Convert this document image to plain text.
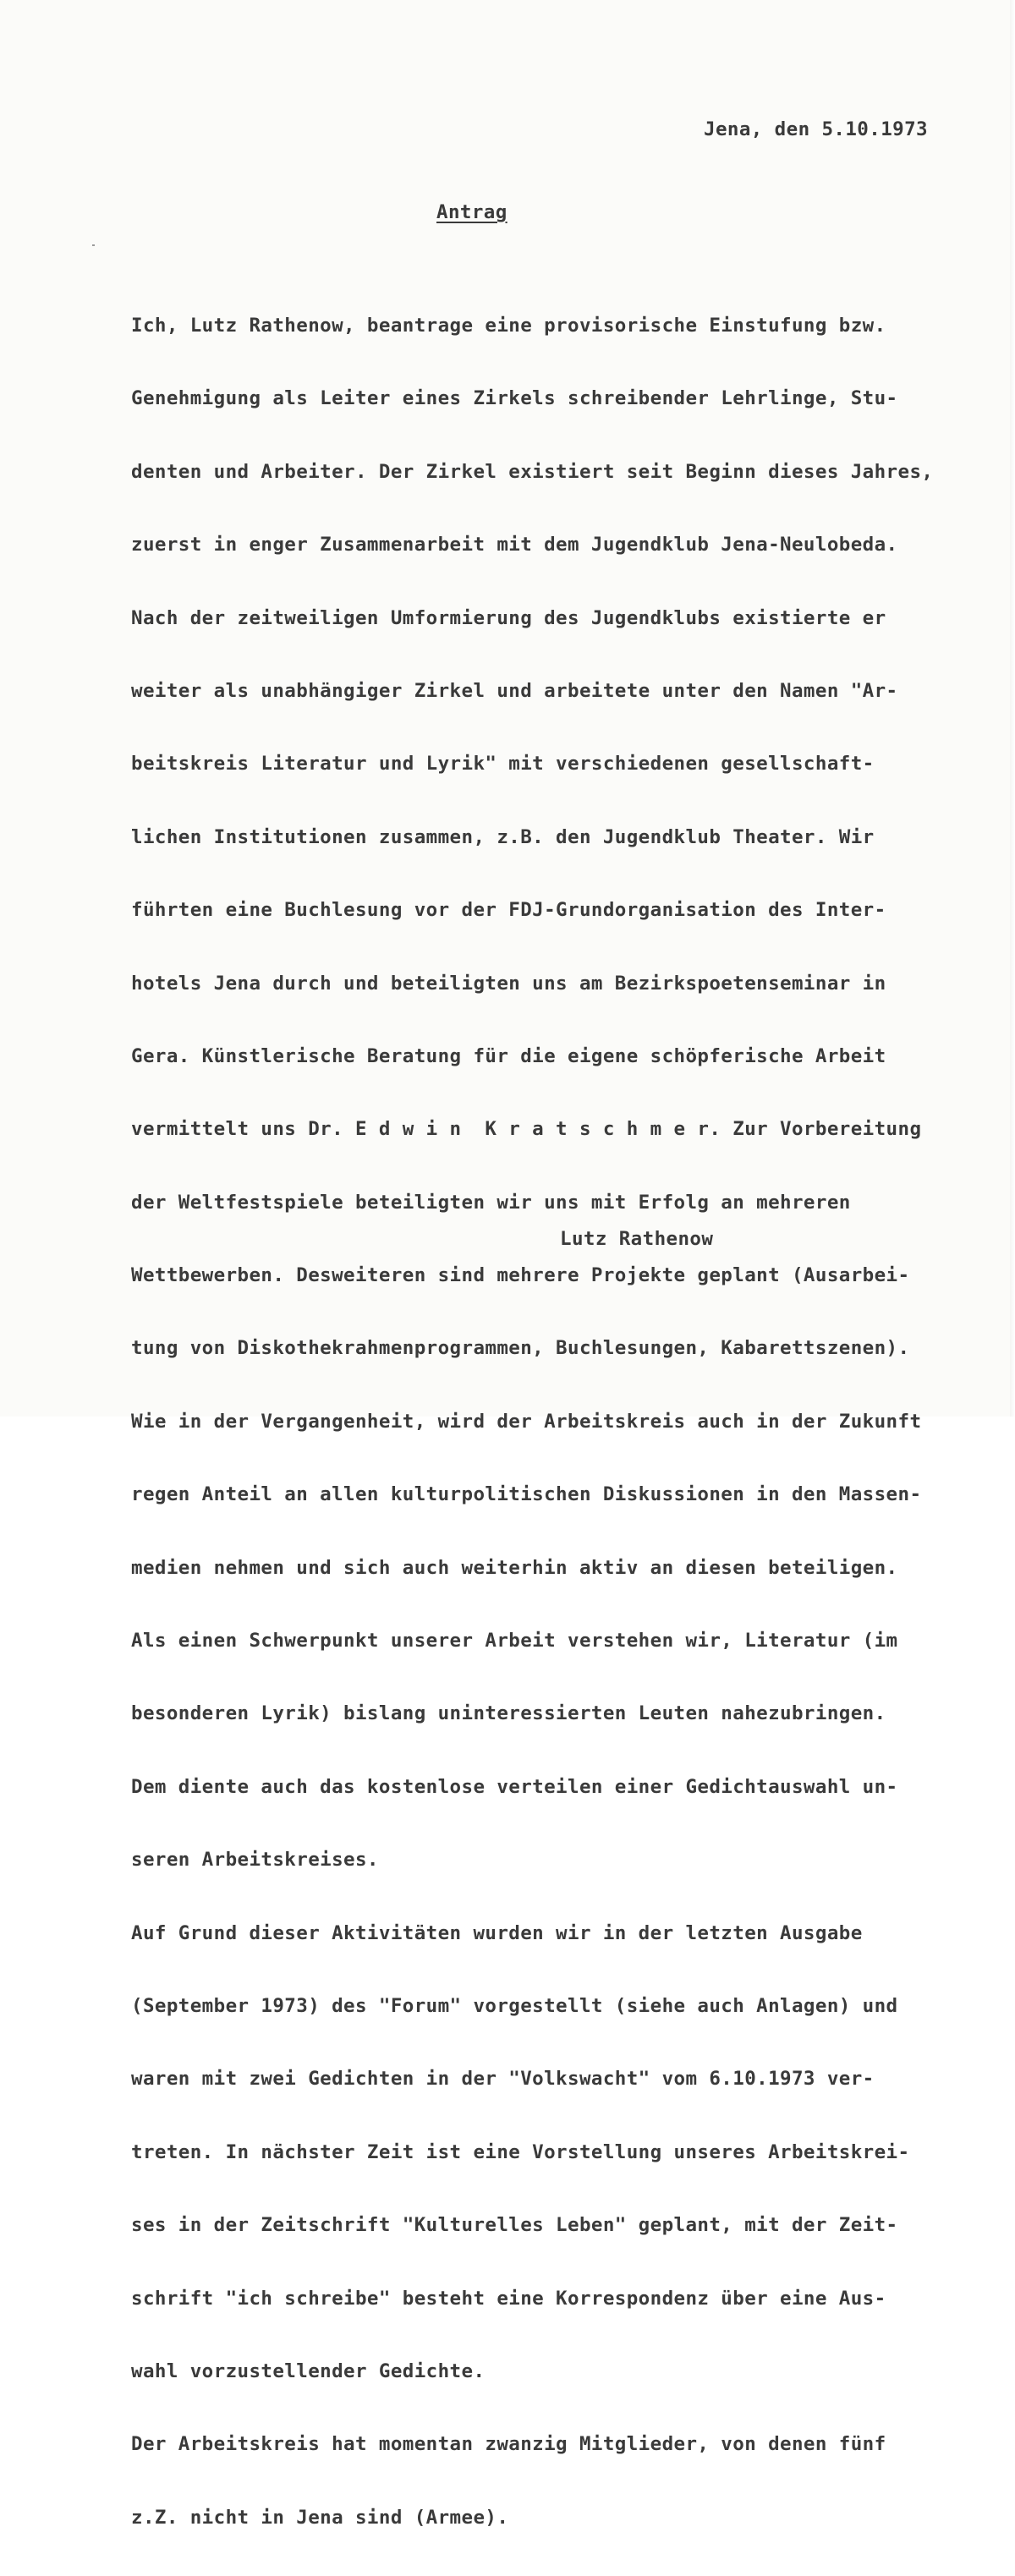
Jena, den 5.10.1973
Antrag

Ich, Lutz Rathenow, beantrage eine provisorische Einstufung bzw.

Genehmigung als Leiter eines Zirkels schreibender Lehrlinge, Stu-

denten und Arbeiter. Der Zirkel existiert seit Beginn dieses Jahres,

zuerst in enger Zusammenarbeit mit dem Jugendklub Jena-Neulobeda.

Nach der zeitweiligen Umformierung des Jugendklubs existierte er

weiter als unabhängiger Zirkel und arbeitete unter den Namen "Ar-

beitskreis Literatur und Lyrik" mit verschiedenen gesellschaft-

lichen Institutionen zusammen, z.B. den Jugendklub Theater. Wir

führten eine Buchlesung vor der FDJ-Grundorganisation des Inter-

hotels Jena durch und beteiligten uns am Bezirkspoetenseminar in

Gera. Künstlerische Beratung für die eigene schöpferische Arbeit

vermittelt uns Dr. E d w i n  K r a t s c h m e r. Zur Vorbereitung

der Weltfestspiele beteiligten wir uns mit Erfolg an mehreren

Wettbewerben. Desweiteren sind mehrere Projekte geplant (Ausarbei-

tung von Diskothekrahmenprogrammen, Buchlesungen, Kabarettszenen).

Wie in der Vergangenheit, wird der Arbeitskreis auch in der Zukunft

regen Anteil an allen kulturpolitischen Diskussionen in den Massen-

medien nehmen und sich auch weiterhin aktiv an diesen beteiligen.

Als einen Schwerpunkt unserer Arbeit verstehen wir, Literatur (im

besonderen Lyrik) bislang uninteressierten Leuten nahezubringen.

Dem diente auch das kostenlose verteilen einer Gedichtauswahl un-

seren Arbeitskreises.

Auf Grund dieser Aktivitäten wurden wir in der letzten Ausgabe

(September 1973) des "Forum" vorgestellt (siehe auch Anlagen) und

waren mit zwei Gedichten in der "Volkswacht" vom 6.10.1973 ver-

treten. In nächster Zeit ist eine Vorstellung unseres Arbeitskrei-

ses in der Zeitschrift "Kulturelles Leben" geplant, mit der Zeit-

schrift "ich schreibe" besteht eine Korrespondenz über eine Aus-

wahl vorzustellender Gedichte.

Der Arbeitskreis hat momentan zwanzig Mitglieder, von denen fünf

z.Z. nicht in Jena sind (Armee).

Lutz Rathenow
